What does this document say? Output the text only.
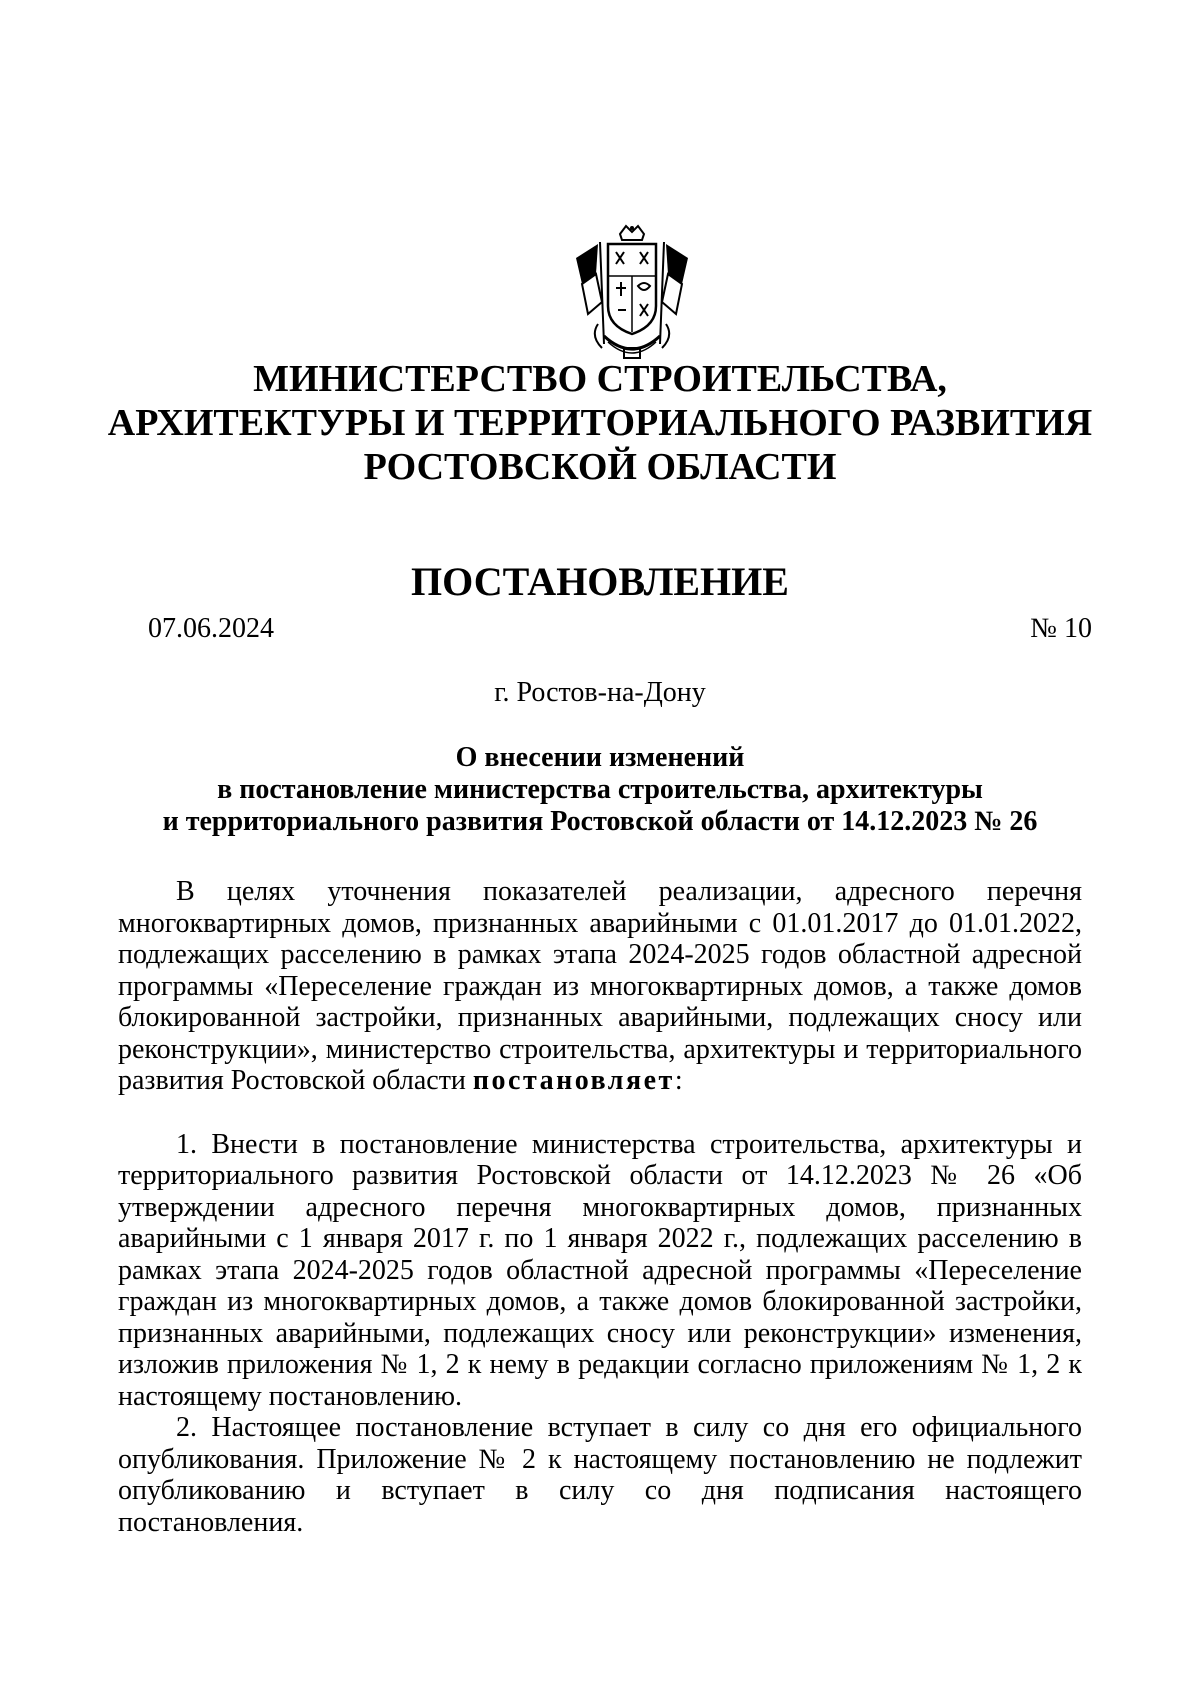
МИНИСТЕРСТВО СТРОИТЕЛЬСТВА,
АРХИТЕКТУРЫ И ТЕРРИТОРИАЛЬНОГО РАЗВИТИЯ
РОСТОВСКОЙ ОБЛАСТИ
ПОСТАНОВЛЕНИЕ
07.06.2024	№ 10
г. Ростов-на-Дону
О внесении изменений
в постановление министерства строительства, архитектуры
и территориального развития Ростовской области от 14.12.2023 № 26

В целях уточнения показателей реализации, адресного перечня многоквартирных домов, признанных аварийными с 01.01.2017 до 01.01.2022, подлежащих расселению в рамках этапа 2024-2025 годов областной адресной программы «Переселение граждан из многоквартирных домов, а также домов блокированной застройки, признанных аварийными, подлежащих сносу или реконструкции», министерство строительства, архитектуры и территориального развития Ростовской области постановляет:

1. Внести в постановление министерства строительства, архитектуры и территориального развития Ростовской области от 14.12.2023 № 26 «Об утверждении адресного перечня многоквартирных домов, признанных аварийными с 1 января 2017 г. по 1 января 2022 г., подлежащих расселению в рамках этапа 2024-2025 годов областной адресной программы «Переселение граждан из многоквартирных домов, а также домов блокированной застройки, признанных аварийными, подлежащих сносу или реконструкции» изменения, изложив приложения № 1, 2 к нему в редакции согласно приложениям № 1, 2 к настоящему постановлению.

2. Настоящее постановление вступает в силу со дня его официального опубликования. Приложение № 2 к настоящему постановлению не подлежит опубликованию и вступает в силу со дня подписания настоящего постановления.
